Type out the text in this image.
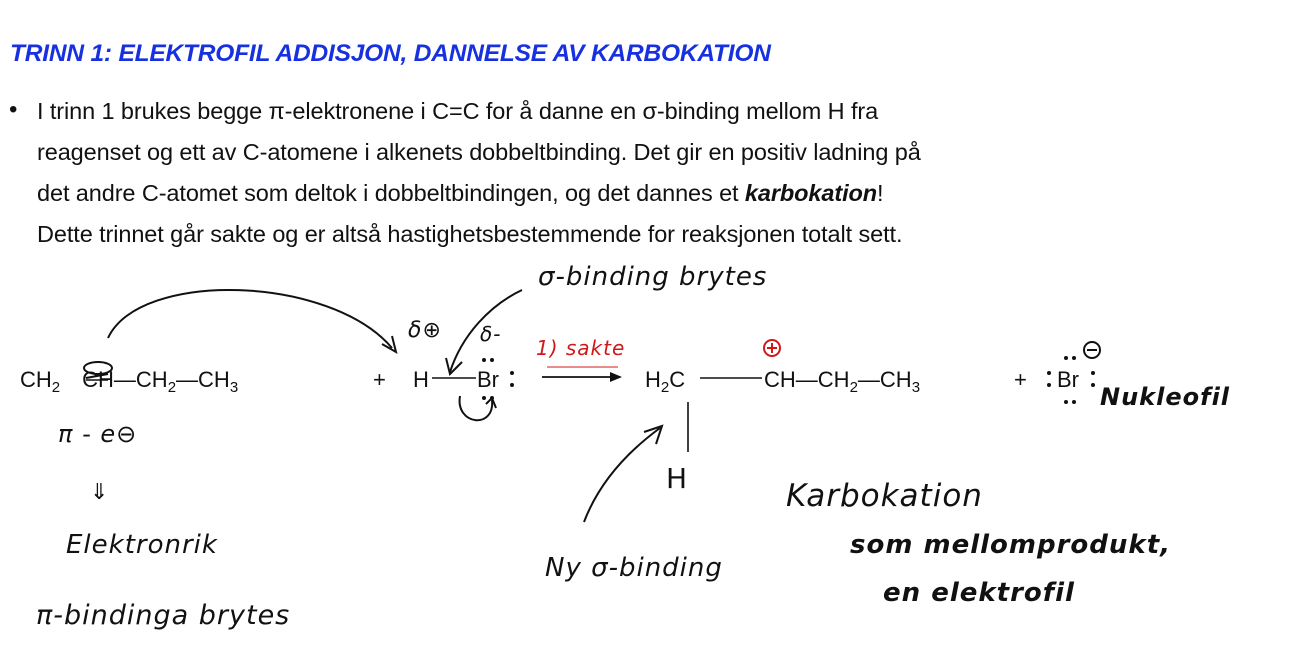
TRINN 1: ELEKTROFIL ADDISJON, DANNELSE AV KARBOKATION
• I trinn 1 brukes begge π-elektronene i C=C for å danne en σ-binding mellom H fra
reagenset og ett av C-atomene i alkenets dobbeltbinding. Det gir en positiv ladning på
det andre C-atomet som deltok i dobbeltbindingen, og det dannes et karbokation!
Dette trinnet går sakte og er altså hastighetsbestemmende for reaksjonen totalt sett.
$CH_2$ $CH—CH_2—CH_3$	+ H Br	$H_2C$	$CH—CH_2—CH_3$	+ Br
H
σ-binding brytes
δ⊕ δ-
1) sakte
π - e⊖
⇓
Elektronrik
π-bindinga brytes
Ny σ-binding
Karbokation
som mellomprodukt,
en elektrofil
Nukleofil
